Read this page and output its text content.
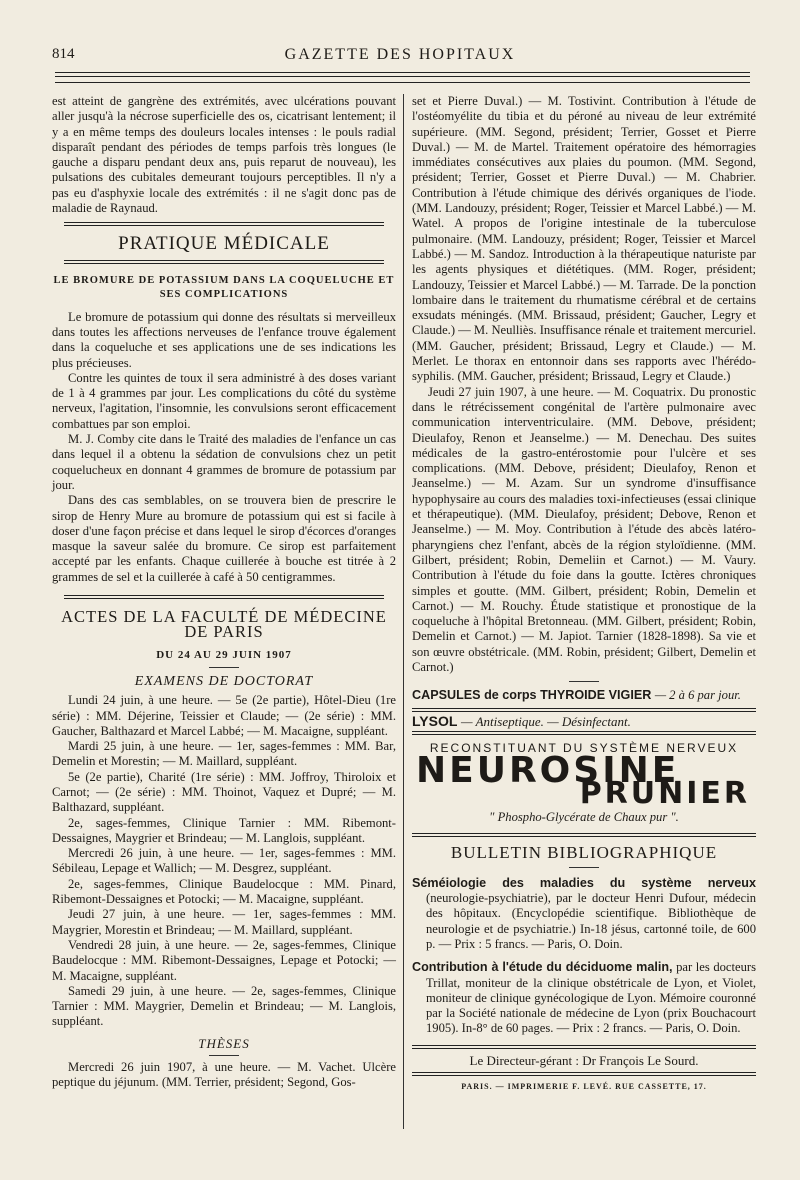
814	GAZETTE DES HOPITAUX

est atteint de gangrène des extrémités, avec ulcérations pouvant aller jusqu'à la nécrose superficielle des os, cicatrisant lentement; il y a en même temps des douleurs locales intenses : le pouls radial disparaît pendant des périodes de temps parfois très longues (le gauche a disparu pendant deux ans, puis reparut de nouveau), les pulsations des cubitales demeurant toujours perceptibles. Il n'y a pas eu d'asphyxie locale des extrémités : il ne s'agit donc pas de maladie de Raynaud.

PRATIQUE MÉDICALE
LE BROMURE DE POTASSIUM DANS LA COQUELUCHE ET SES COMPLICATIONS

Le bromure de potassium qui donne des résultats si merveilleux dans toutes les affections nerveuses de l'enfance trouve également dans la coqueluche et ses applications une de ses indications les plus précieuses.

Contre les quintes de toux il sera administré à des doses variant de 1 à 4 grammes par jour. Les complications du côté du système nerveux, l'agitation, l'insomnie, les convulsions seront efficacement combattues par son emploi.

M. J. Comby cite dans le Traité des maladies de l'enfance un cas dans lequel il a obtenu la sédation de convulsions chez un petit coquelucheux en donnant 4 grammes de bromure de potassium par jour.

Dans des cas semblables, on se trouvera bien de prescrire le sirop de Henry Mure au bromure de potassium qui est si facile à doser d'une façon précise et dans lequel le sirop d'écorces d'oranges masque la saveur salée du bromure. Ce sirop est parfaitement accepté par les enfants. Chaque cuillerée à bouche est titrée à 2 grammes de sel et la cuillerée à café à 50 centigrammes.

ACTES DE LA FACULTÉ DE MÉDECINE DE PARIS
DU 24 AU 29 JUIN 1907
EXAMENS DE DOCTORAT

Lundi 24 juin, à une heure. — 5e (2e partie), Hôtel-Dieu (1re série) : MM. Déjerine, Teissier et Claude; — (2e série) : MM. Gaucher, Balthazard et Marcel Labbé; — M. Macaigne, suppléant.

Mardi 25 juin, à une heure. — 1er, sages-femmes : MM. Bar, Demelin et Morestin; — M. Maillard, suppléant.

5e (2e partie), Charité (1re série) : MM. Joffroy, Thiroloix et Carnot; — (2e série) : MM. Thoinot, Vaquez et Dupré; — M. Balthazard, suppléant.

2e, sages-femmes, Clinique Tarnier : MM. Ribemont-Dessaignes, Maygrier et Brindeau; — M. Langlois, suppléant.

Mercredi 26 juin, à une heure. — 1er, sages-femmes : MM. Sébileau, Lepage et Wallich; — M. Desgrez, suppléant.

2e, sages-femmes, Clinique Baudelocque : MM. Pinard, Ribemont-Dessaignes et Potocki; — M. Macaigne, suppléant.

Jeudi 27 juin, à une heure. — 1er, sages-femmes : MM. Maygrier, Morestin et Brindeau; — M. Maillard, suppléant.

Vendredi 28 juin, à une heure. — 2e, sages-femmes, Clinique Baudelocque : MM. Ribemont-Dessaignes, Lepage et Potocki; — M. Macaigne, suppléant.

Samedi 29 juin, à une heure. — 2e, sages-femmes, Clinique Tarnier : MM. Maygrier, Demelin et Brindeau; — M. Langlois, suppléant.

THÈSES

Mercredi 26 juin 1907, à une heure. — M. Vachet. Ulcère peptique du jéjunum. (MM. Terrier, président; Segond, Gos-

set et Pierre Duval.) — M. Tostivint. Contribution à l'étude de l'ostéomyélite du tibia et du péroné au niveau de leur extrémité supérieure. (MM. Segond, président; Terrier, Gosset et Pierre Duval.) — M. de Martel. Traitement opératoire des hémorragies immédiates consécutives aux plaies du poumon. (MM. Segond, président; Terrier, Gosset et Pierre Duval.) — M. Chabrier. Contribution à l'étude chimique des dérivés organiques de l'iode. (MM. Landouzy, président; Roger, Teissier et Marcel Labbé.) — M. Watel. A propos de l'origine intestinale de la tuberculose pulmonaire. (MM. Landouzy, président; Roger, Teissier et Marcel Labbé.) — M. Sandoz. Introduction à la thérapeutique naturiste par les agents physiques et diététiques. (MM. Roger, président; Landouzy, Teissier et Marcel Labbé.) — M. Tarrade. De la ponction lombaire dans le traitement du rhumatisme cérébral et de certains exsudats méningés. (MM. Brissaud, président; Gaucher, Legry et Claude.) — M. Neulliès. Insuffisance rénale et traitement mercuriel. (MM. Gaucher, président; Brissaud, Legry et Claude.) — M. Merlet. Le thorax en entonnoir dans ses rapports avec l'hérédo-syphilis. (MM. Gaucher, président; Brissaud, Legry et Claude.)

Jeudi 27 juin 1907, à une heure. — M. Coquatrix. Du pronostic dans le rétrécissement congénital de l'artère pulmonaire avec communication interventriculaire. (MM. Debove, président; Dieulafoy, Renon et Jeanselme.) — M. Denechau. Des suites médicales de la gastro-entérostomie pour l'ulcère et ses complications. (MM. Debove, président; Dieulafoy, Renon et Jeanselme.) — M. Azam. Sur un syndrome d'insuffisance hypophysaire au cours des maladies toxi-infectieuses (essai clinique et thérapeutique). (MM. Dieulafoy, président; Debove, Renon et Jeanselme.) — M. Moy. Contribution à l'étude des abcès latéro-pharyngiens chez l'enfant, abcès de la région styloïdienne. (MM. Gilbert, président; Robin, Demeliin et Carnot.) — M. Vaury. Contribution à l'étude du foie dans la goutte. Ictères chroniques simples et goutte. (MM. Gilbert, président; Robin, Demelin et Carnot.) — M. Rouchy. Étude statistique et pronostique de la coqueluche à l'hôpital Bretonneau. (MM. Gilbert, président; Robin, Demelin et Carnot.) — M. Japiot. Tarnier (1828-1898). Sa vie et son œuvre obstétricale. (MM. Robin, président; Gilbert, Demelin et Carnot.)

CAPSULES de corps THYROIDE VIGIER — 2 à 6 par jour.
LYSOL — Antiseptique. — Désinfectant.
RECONSTITUANT DU SYSTÈME NERVEUX
NEUROSINE
PRUNIER
" Phospho-Glycérate de Chaux pur ".
BULLETIN BIBLIOGRAPHIQUE

Séméiologie des maladies du système nerveux (neurologie-psychiatrie), par le docteur Henri Dufour, médecin des hôpitaux. (Encyclopédie scientifique. Bibliothèque de neurologie et de psychiatrie.) In-18 jésus, cartonné toile, de 600 p. — Prix : 5 francs. — Paris, O. Doin.

Contribution à l'étude du déciduome malin, par les docteurs Trillat, moniteur de la clinique obstétricale de Lyon, et Violet, moniteur de clinique gynécologique de Lyon. Mémoire couronné par la Société nationale de médecine de Lyon (prix Bouchacourt 1905). In-8° de 60 pages. — Prix : 2 francs. — Paris, O. Doin.

Le Directeur-gérant : Dr François Le Sourd.
PARIS. — IMPRIMERIE F. LEVÉ. RUE CASSETTE, 17.
